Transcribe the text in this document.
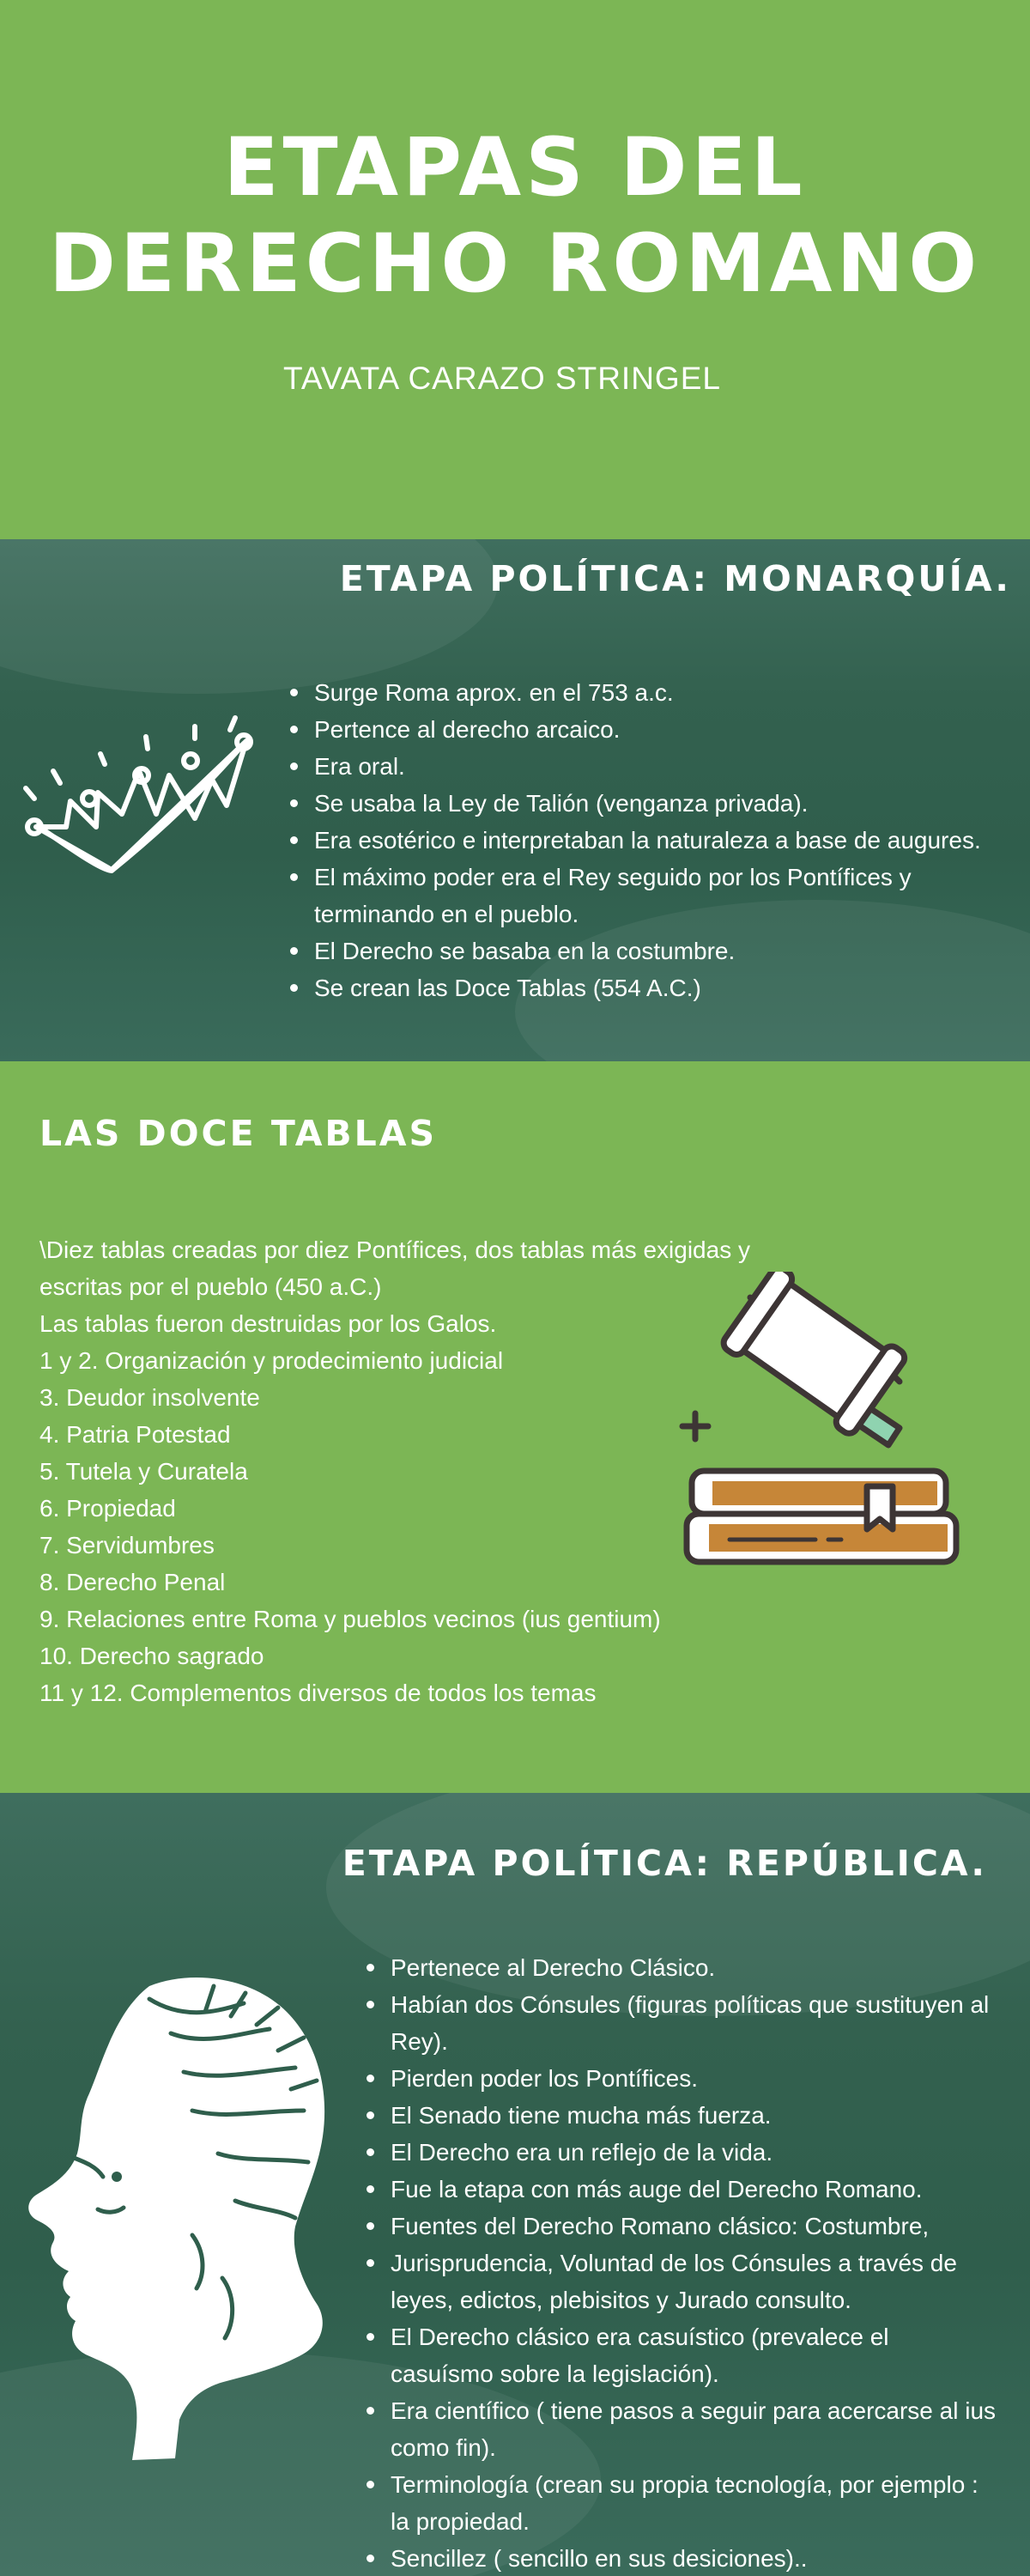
ETAPAS DEL
DERECHO ROMANO
TAVATA CARAZO STRINGEL
ETAPA POLÍTICA: MONARQUÍA.
Surge Roma aprox. en el 753 a.c.
Pertence al derecho arcaico.
Era oral.
Se usaba la Ley de Talión (venganza privada).
Era esotérico e interpretaban la naturaleza a base de augures.
El máximo poder era el Rey seguido por los Pontífices y terminando en el pueblo.
El Derecho se basaba en la costumbre.
Se crean las Doce Tablas (554 A.C.)
LAS DOCE TABLAS
\Diez tablas creadas por diez Pontífices, dos tablas más exigidas y escritas por el pueblo (450 a.C.)
Las tablas fueron destruidas por los Galos.
1 y 2. Organización y prodecimiento judicial
3. Deudor insolvente
4. Patria Potestad
5. Tutela y Curatela
6. Propiedad
7. Servidumbres
8. Derecho Penal
9. Relaciones entre Roma y pueblos vecinos (ius gentium)
10. Derecho sagrado
11 y 12. Complementos diversos de todos los temas
ETAPA POLÍTICA: REPÚBLICA.
Pertenece al Derecho Clásico.
Habían dos Cónsules (figuras políticas que sustituyen al Rey).
Pierden poder los Pontífices.
El Senado tiene mucha más fuerza.
El Derecho era un reflejo de la vida.
Fue la etapa con más auge del Derecho Romano.
Fuentes del Derecho Romano clásico: Costumbre,
Jurisprudencia, Voluntad de los Cónsules a través de leyes, edictos, plebisitos y Jurado consulto.
El Derecho clásico era casuístico (prevalece el casuísmo sobre la legislación).
Era científico ( tiene pasos a seguir para acercarse al ius como fin).
Terminología (crean su propia tecnología, por ejemplo : la propiedad.
Sencillez ( sencillo en sus desiciones)..
